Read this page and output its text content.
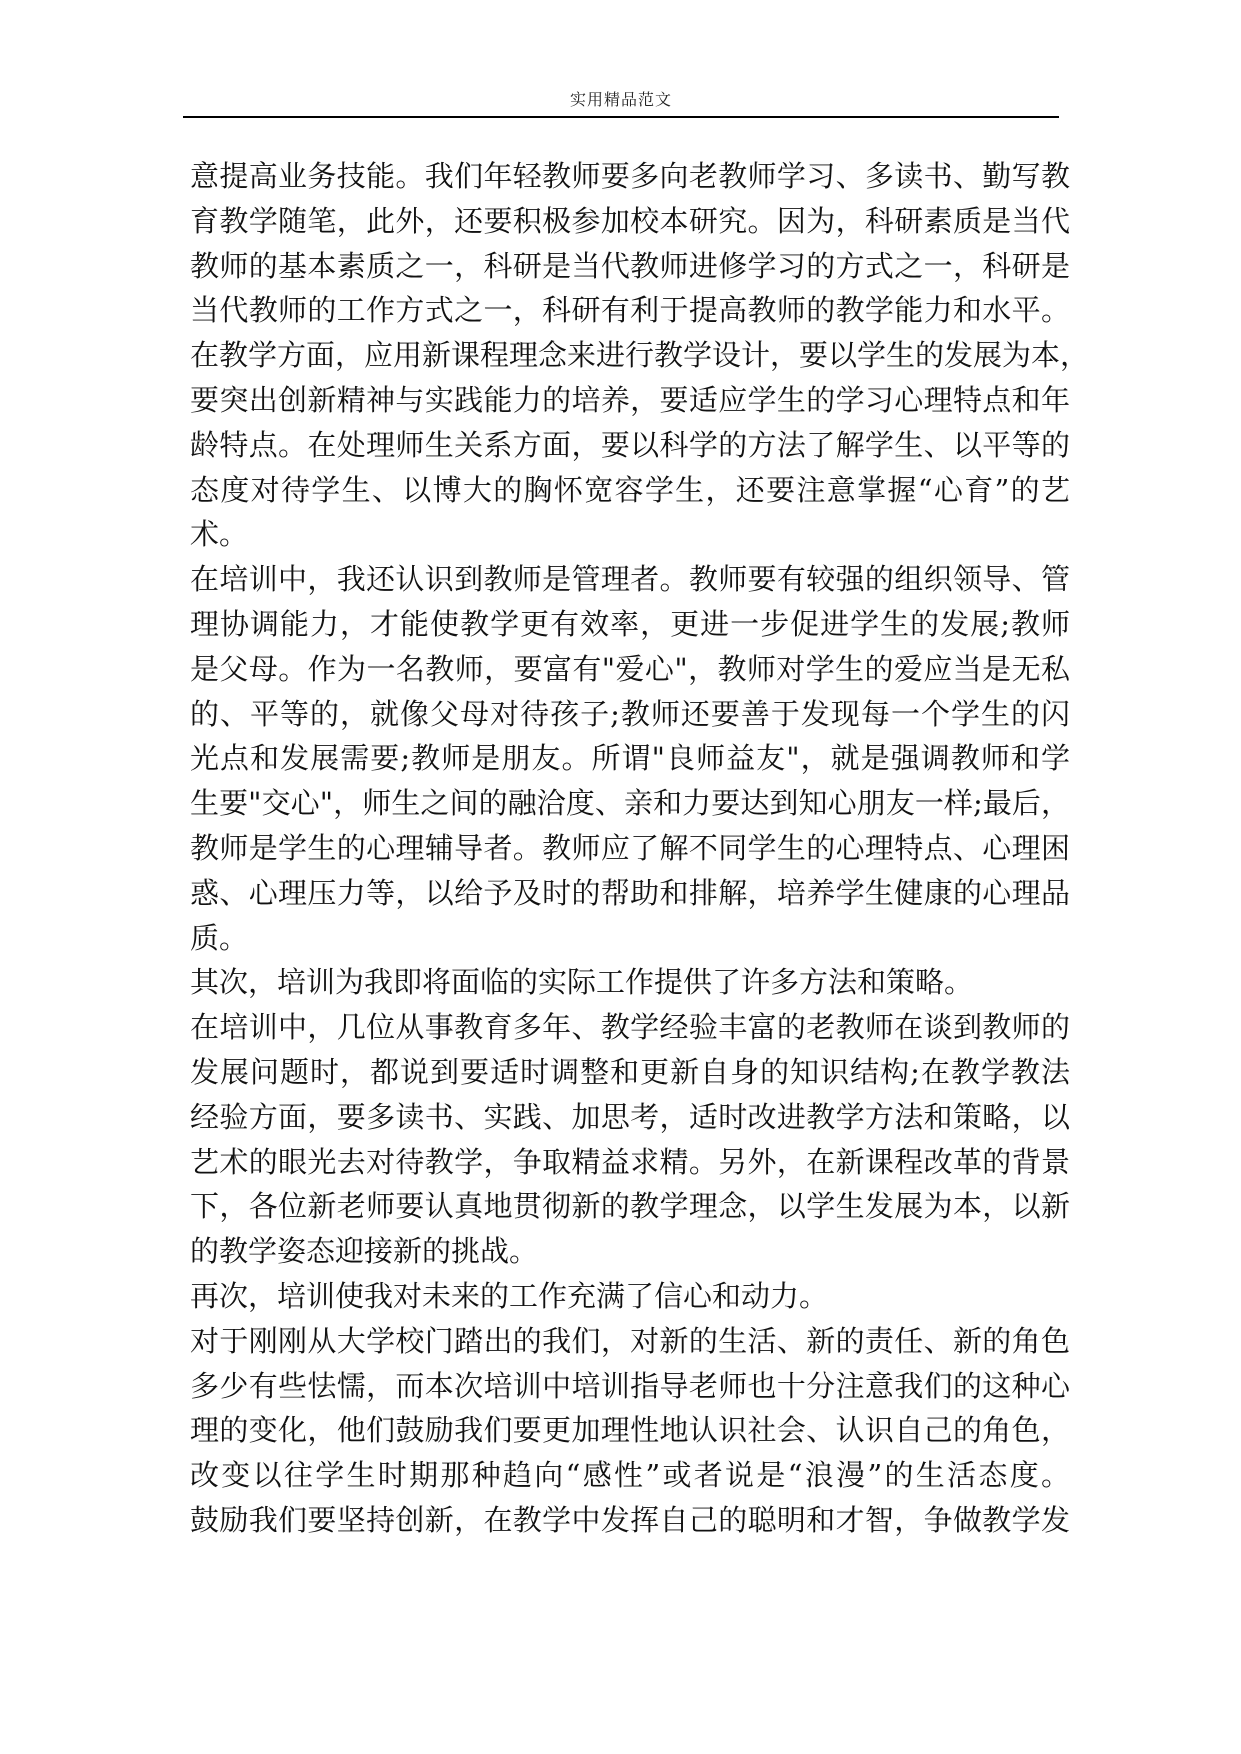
实用精品范文
意提高业务技能。我们年轻教师要多向老教师学习、多读书、勤写教
育教学随笔，此外，还要积极参加校本研究。因为，科研素质是当代
教师的基本素质之一，科研是当代教师进修学习的方式之一，科研是
当代教师的工作方式之一，科研有利于提高教师的教学能力和水平。
在教学方面，应用新课程理念来进行教学设计，要以学生的发展为本，
要突出创新精神与实践能力的培养，要适应学生的学习心理特点和年
龄特点。在处理师生关系方面，要以科学的方法了解学生、以平等的
态度对待学生、以博大的胸怀宽容学生，还要注意掌握“心育”的艺
术。
在培训中，我还认识到教师是管理者。教师要有较强的组织领导、管
理协调能力，才能使教学更有效率，更进一步促进学生的发展;教师
是父母。作为一名教师，要富有"爱心"，教师对学生的爱应当是无私
的、平等的，就像父母对待孩子;教师还要善于发现每一个学生的闪
光点和发展需要;教师是朋友。所谓"良师益友"，就是强调教师和学
生要"交心"，师生之间的融洽度、亲和力要达到知心朋友一样;最后，
教师是学生的心理辅导者。教师应了解不同学生的心理特点、心理困
惑、心理压力等，以给予及时的帮助和排解，培养学生健康的心理品
质。
其次，培训为我即将面临的实际工作提供了许多方法和策略。
在培训中，几位从事教育多年、教学经验丰富的老教师在谈到教师的
发展问题时，都说到要适时调整和更新自身的知识结构;在教学教法
经验方面，要多读书、实践、加思考，适时改进教学方法和策略，以
艺术的眼光去对待教学，争取精益求精。另外，在新课程改革的背景
下，各位新老师要认真地贯彻新的教学理念，以学生发展为本，以新
的教学姿态迎接新的挑战。
再次，培训使我对未来的工作充满了信心和动力。
对于刚刚从大学校门踏出的我们，对新的生活、新的责任、新的角色
多少有些怯懦，而本次培训中培训指导老师也十分注意我们的这种心
理的变化，他们鼓励我们要更加理性地认识社会、认识自己的角色，
改变以往学生时期那种趋向“感性”或者说是“浪漫”的生活态度。
鼓励我们要坚持创新，在教学中发挥自己的聪明和才智，争做教学发
